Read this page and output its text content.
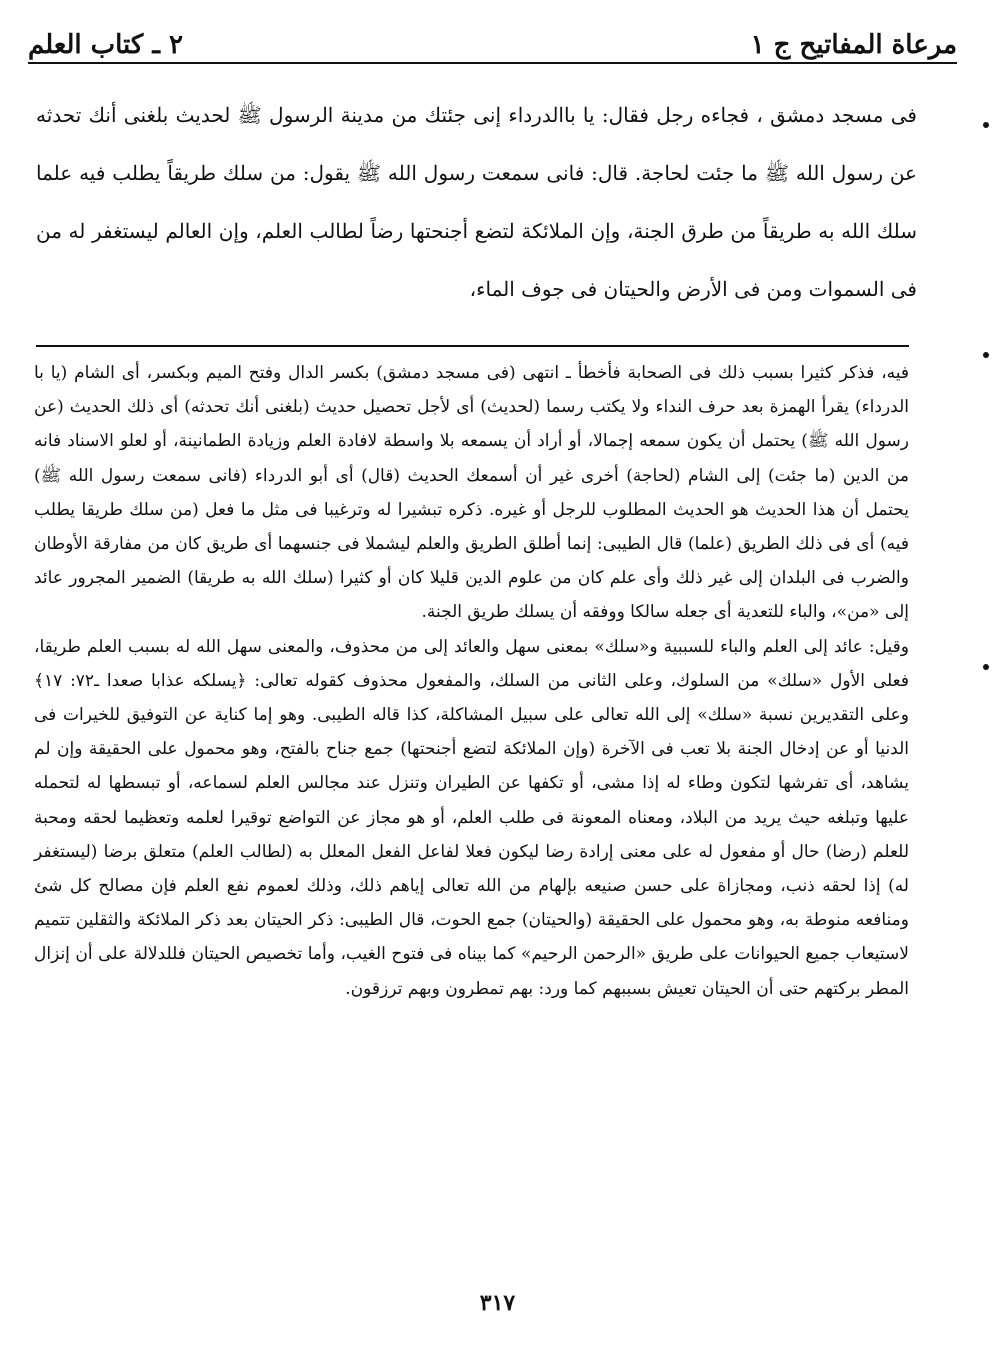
مرعاة المفاتيح ج ١
٢ ـ كتاب العلم

فى مسجد دمشق ، فجاءه رجل فقال: يا باالدرداء إنى جئتك من مدينة الرسول ﷺ لحديث بلغنى أنك تحدثه عن رسول الله ﷺ ما جئت لحاجة. قال: فانى سمعت رسول الله ﷺ يقول: من سلك طريقاً يطلب فيه علما سلك الله به طريقاً من طرق الجنة، وإن الملائكة لتضع أجنحتها رضاً لطالب العلم، وإن العالم ليستغفر له من فى السموات ومن فى الأرض والحيتان فى جوف الماء،

فيه، فذكر كثيرا بسبب ذلك فى الصحابة فأخطأ ـ انتهى (فى مسجد دمشق) بكسر الدال وفتح الميم وبكسر، أى الشام (يا با الدرداء) يقرأ الهمزة بعد حرف النداء ولا يكتب رسما (لحديث) أى لأجل تحصيل حديث (بلغنى أنك تحدثه) أى ذلك الحديث (عن رسول الله ﷺ) يحتمل أن يكون سمعه إجمالا، أو أراد أن يسمعه بلا واسطة لافادة العلم وزيادة الطمانينة، أو لعلو الاسناد فانه من الدين (ما جئت) إلى الشام (لحاجة) أخرى غير أن أسمعك الحديث (قال) أى أبو الدرداء (فانى سمعت رسول الله ﷺ) يحتمل أن هذا الحديث هو الحديث المطلوب للرجل أو غيره. ذكره تبشيرا له وترغيبا فى مثل ما فعل (من سلك طريقا يطلب فيه) أى فى ذلك الطريق (علما) قال الطيبى: إنما أطلق الطريق والعلم ليشملا فى جنسهما أى طريق كان من مفارقة الأوطان والضرب فى البلدان إلى غير ذلك وأى علم كان من علوم الدين قليلا كان أو كثيرا (سلك الله به طريقا) الضمير المجرور عائد إلى «من»، والباء للتعدية أى جعله سالكا ووفقه أن يسلك طريق الجنة.

وقيل: عائد إلى العلم والباء للسببية و«سلك» بمعنى سهل والعائد إلى من محذوف، والمعنى سهل الله له بسبب العلم طريقا، فعلى الأول «سلك» من السلوك، وعلى الثانى من السلك، والمفعول محذوف كقوله تعالى: ﴿يسلكه عذابا صعدا ـ٧٢: ١٧﴾ وعلى التقديرين نسبة «سلك» إلى الله تعالى على سبيل المشاكلة، كذا قاله الطيبى. وهو إما كناية عن التوفيق للخيرات فى الدنيا أو عن إدخال الجنة بلا تعب فى الآخرة (وإن الملائكة لتضع أجنحتها) جمع جناح بالفتح، وهو محمول على الحقيقة وإن لم يشاهد، أى تفرشها لتكون وطاء له إذا مشى، أو تكفها عن الطيران وتنزل عند مجالس العلم لسماعه، أو تبسطها له لتحمله عليها وتبلغه حيث يريد من البلاد، ومعناه المعونة فى طلب العلم، أو هو مجاز عن التواضع توقيرا لعلمه وتعظيما لحقه ومحبة للعلم (رضا) حال أو مفعول له على معنى إرادة رضا ليكون فعلا لفاعل الفعل المعلل به (لطالب العلم) متعلق برضا (ليستغفر له) إذا لحقه ذنب، ومجازاة على حسن صنيعه بإلهام من الله تعالى إياهم ذلك، وذلك لعموم نفع العلم فإن مصالح كل شئ ومنافعه منوطة به، وهو محمول على الحقيقة (والحيتان) جمع الحوت، قال الطيبى: ذكر الحيتان بعد ذكر الملائكة والثقلين تتميم لاستيعاب جميع الحيوانات على طريق «الرحمن الرحيم» كما بيناه فى فتوح الغيب، وأما تخصيص الحيتان فللدلالة على أن إنزال المطر بركتهم حتى أن الحيتان تعيش بسببهم كما ورد: بهم تمطرون وبهم ترزقون.

٣١٧
